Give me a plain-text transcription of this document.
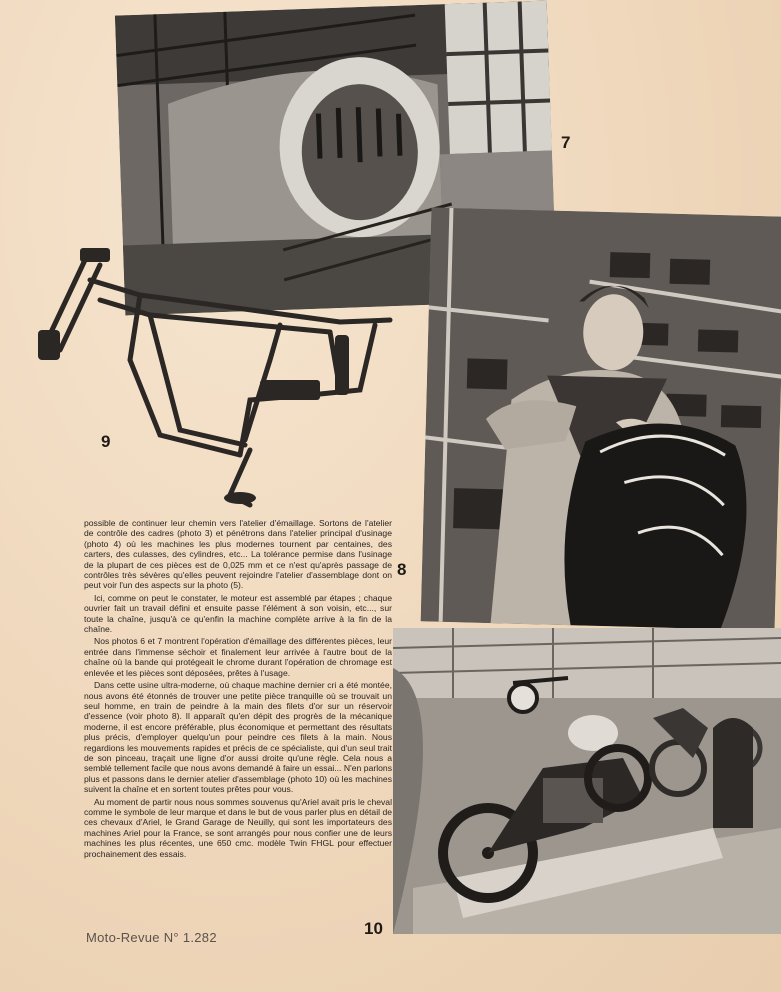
7
8
9

possible de continuer leur chemin vers l'atelier d'émaillage. Sortons de l'atelier de contrôle des cadres (photo 3) et pénétrons dans l'atelier principal d'usinage (photo 4) où les machines les plus modernes tournent par centaines, des carters, des culasses, des cylindres, etc... La tolérance permise dans l'usinage de la plupart de ces pièces est de 0,025 mm et ce n'est qu'après passage de contrôles très sévères qu'elles peuvent rejoindre l'atelier d'assemblage dont on peut voir l'un des aspects sur la photo (5).

Ici, comme on peut le constater, le moteur est assemblé par étapes ; chaque ouvrier fait un travail défini et ensuite passe l'élément à son voisin, etc..., sur toute la chaîne, jusqu'à ce qu'enfin la machine complète arrive à la fin de la chaîne.

Nos photos 6 et 7 montrent l'opération d'émaillage des différentes pièces, leur entrée dans l'immense séchoir et finalement leur arrivée à l'autre bout de la chaîne où la bande qui protégeait le chrome durant l'opération de chromage est enlevée et les pièces sont déposées, prêtes à l'usage.

Dans cette usine ultra-moderne, où chaque machine dernier cri a été montée, nous avons été étonnés de trouver une petite pièce tranquille où se trouvait un seul homme, en train de peindre à la main des filets d'or sur un réservoir d'essence (voir photo 8). Il apparaît qu'en dépit des progrès de la mécanique moderne, il est encore préférable, plus économique et permettant des résultats plus précis, d'employer quelqu'un pour peindre ces filets à la main. Nous regardions les mouvements rapides et précis de ce spécialiste, qui d'un seul trait de son pinceau, traçait une ligne d'or aussi droite qu'une règle. Cela nous a semblé tellement facile que nous avons demandé à faire un essai... N'en parlons plus et passons dans le dernier atelier d'assemblage (photo 10) où les machines suivent la chaîne et en sortent toutes prêtes pour vous.

Au moment de partir nous nous sommes souvenus qu'Ariel avait pris le cheval comme le symbole de leur marque et dans le but de vous parler plus en détail de ces chevaux d'Ariel, le Grand Garage de Neuilly, qui sont les importateurs des machines Ariel pour la France, se sont arrangés pour nous confier une de leurs machines les plus récentes, une 650 cmc. modèle Twin FHGL pour effectuer prochainement des essais.

10
Moto-Revue N° 1.282
